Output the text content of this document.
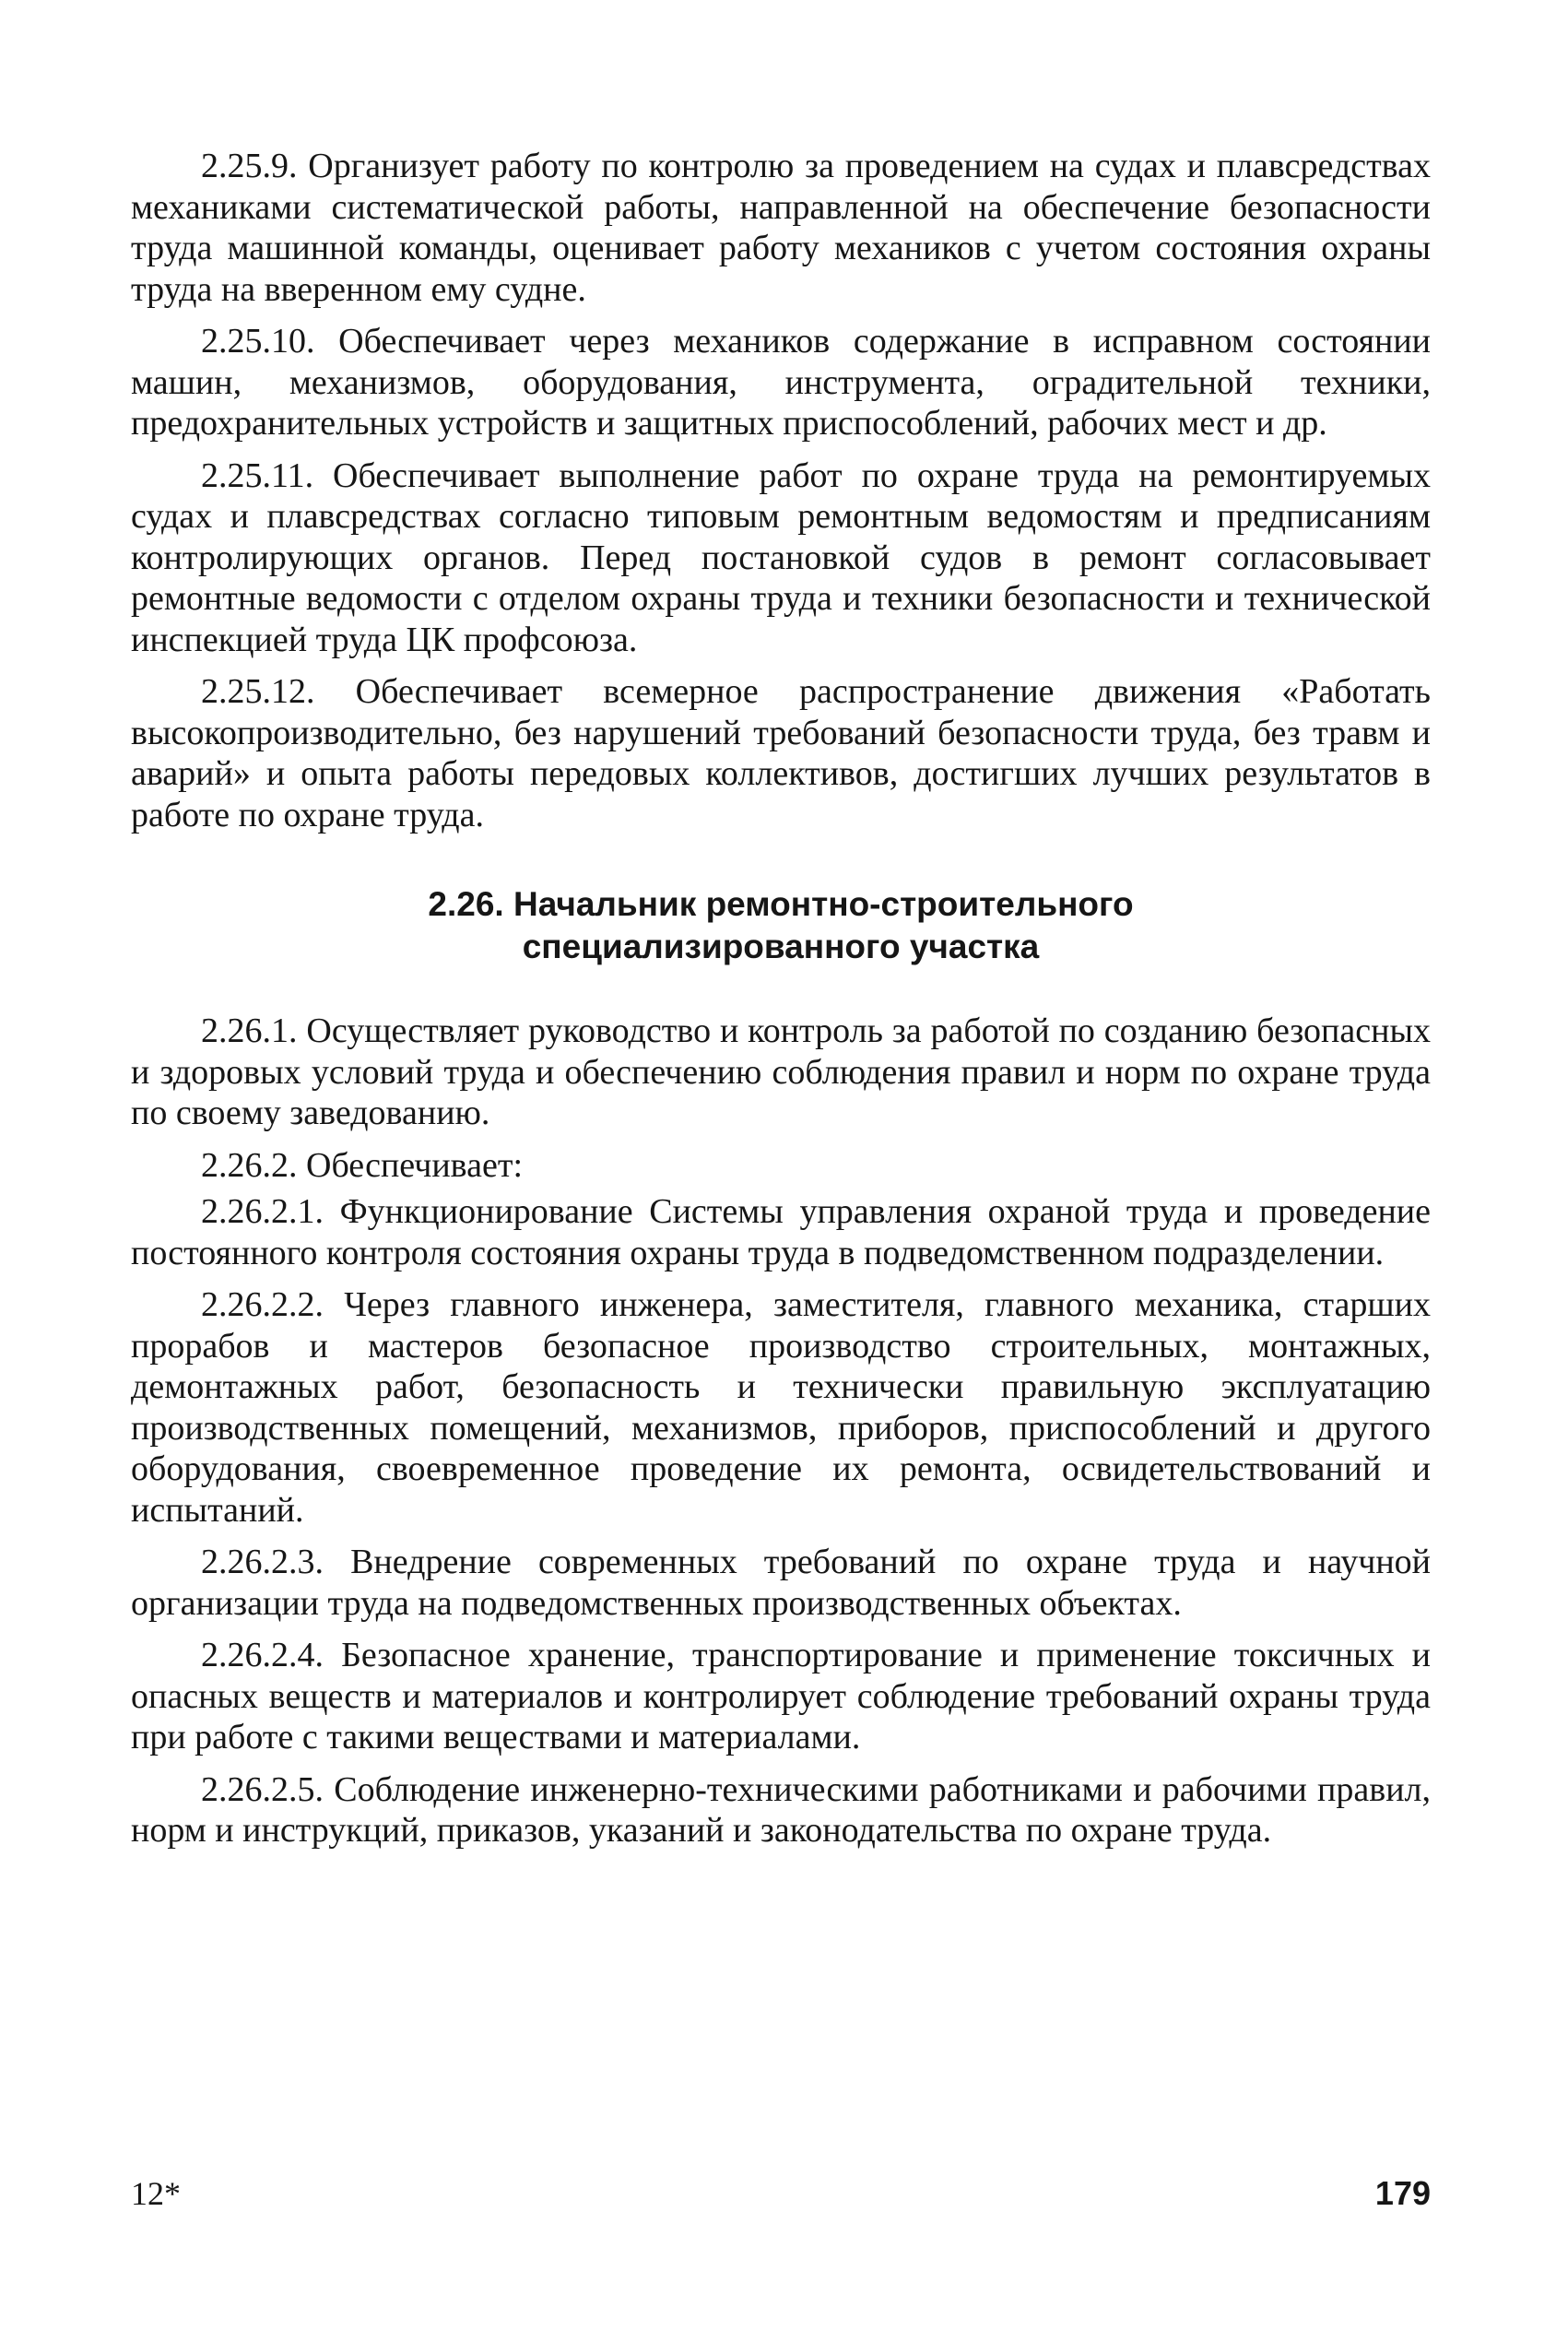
2.25.9. Организует работу по контролю за проведением на судах и плавсредствах механиками систематической работы, направленной на обеспечение безопасности труда машинной команды, оценивает работу механиков с учетом состояния охраны труда на вверенном ему судне.

2.25.10. Обеспечивает через механиков содержание в исправном состоянии машин, механизмов, оборудования, инструмента, оградительной техники, предохранительных устройств и защитных приспособлений, рабочих мест и др.

2.25.11. Обеспечивает выполнение работ по охране труда на ремонтируемых судах и плавсредствах согласно типовым ремонтным ведомостям и предписаниям контролирующих органов. Перед постановкой судов в ремонт согласовывает ремонтные ведомости с отделом охраны труда и техники безопасности и технической инспекцией труда ЦК профсоюза.

2.25.12. Обеспечивает всемерное распространение движения «Работать высокопроизводительно, без нарушений требований безопасности труда, без травм и аварий» и опыта работы передовых коллективов, достигших лучших результатов в работе по охране труда.

2.26. Начальник ремонтно-строительного
специализированного участка

2.26.1. Осуществляет руководство и контроль за работой по созданию безопасных и здоровых условий труда и обеспечению соблюдения правил и норм по охране труда по своему заведованию.

2.26.2. Обеспечивает:

2.26.2.1. Функционирование Системы управления охраной труда и проведение постоянного контроля состояния охраны труда в подведомственном подразделении.

2.26.2.2. Через главного инженера, заместителя, главного механика, старших прорабов и мастеров безопасное производство строительных, монтажных, демонтажных работ, безопасность и технически правильную эксплуатацию производственных помещений, механизмов, приборов, приспособлений и другого оборудования, своевременное проведение их ремонта, освидетельствований и испытаний.

2.26.2.3. Внедрение современных требований по охране труда и научной организации труда на подведомственных производственных объектах.

2.26.2.4. Безопасное хранение, транспортирование и применение токсичных и опасных веществ и материалов и контролирует соблюдение требований охраны труда при работе с такими веществами и материалами.

2.26.2.5. Соблюдение инженерно-техническими работниками и рабочими правил, норм и инструкций, приказов, указаний и законодательства по охране труда.

12*	179
